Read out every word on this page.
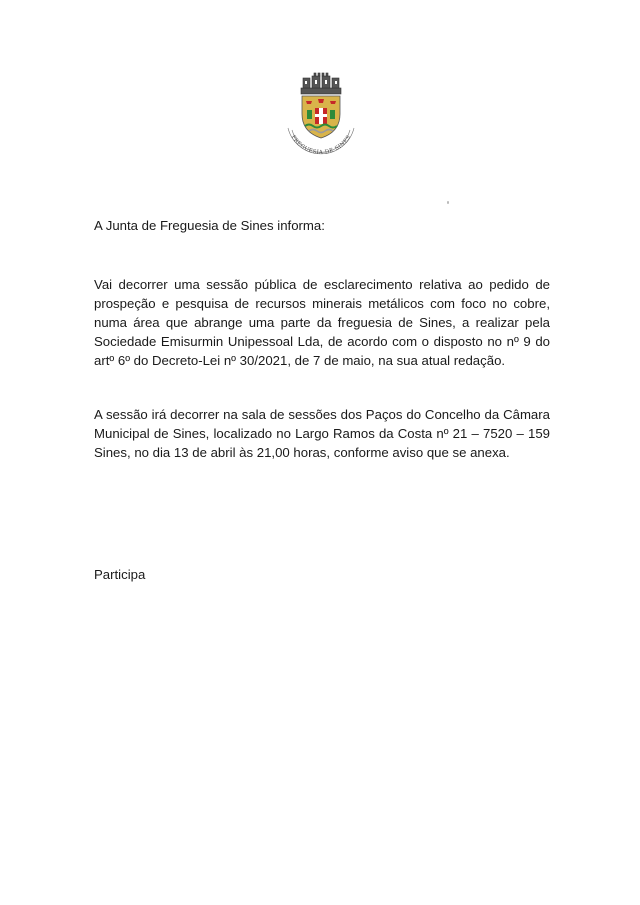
FREGUESIA DE SINES

A Junta de Freguesia de Sines informa:

Vai decorrer uma sessão pública de esclarecimento relativa ao pedido de
prospeção e pesquisa de recursos minerais metálicos com foco no cobre,
numa área que abrange uma parte da freguesia de Sines, a realizar pela
Sociedade Emisurmin Unipessoal Lda, de acordo com o disposto no nº 9 do
artº 6º do Decreto-Lei nº 30/2021, de 7 de maio, na sua atual redação.
A sessão irá decorrer na sala de sessões dos Paços do Concelho da Câmara
Municipal de Sines, localizado no Largo Ramos da Costa nº 21 – 7520 – 159
Sines, no dia 13 de abril às 21,00 horas, conforme aviso que se anexa.

Participa
